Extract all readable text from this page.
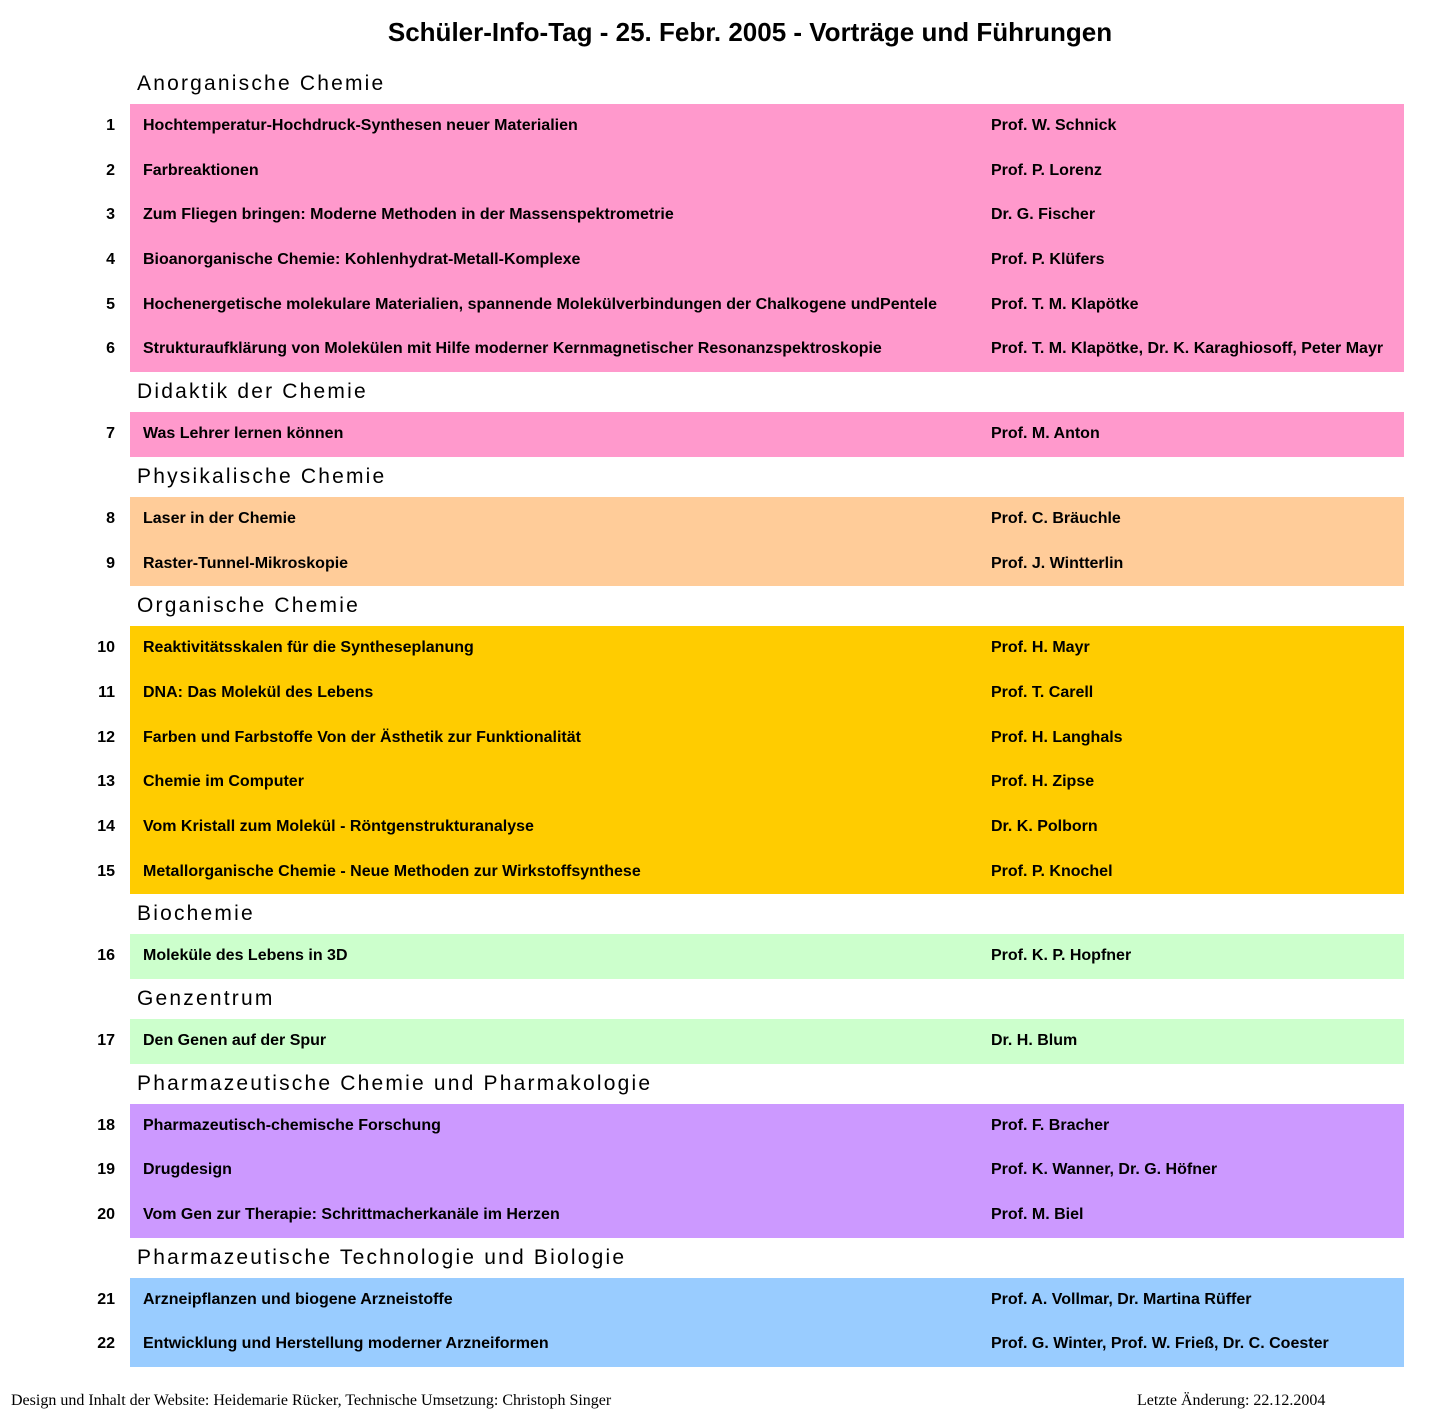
Schüler-Info-Tag - 25. Febr. 2005 - Vorträge und Führungen
Anorganische Chemie
1 Hochtemperatur-Hochdruck-Synthesen neuer Materialien	Prof. W. Schnick
2 Farbreaktionen	Prof. P. Lorenz
3 Zum Fliegen bringen: Moderne Methoden in der Massenspektrometrie	Dr. G. Fischer
4 Bioanorganische Chemie: Kohlenhydrat-Metall-Komplexe	Prof. P. Klüfers
5 Hochenergetische molekulare Materialien, spannende Molekülverbindungen der Chalkogene undPentele	Prof. T. M. Klapötke
6 Strukturaufklärung von Molekülen mit Hilfe moderner Kernmagnetischer Resonanzspektroskopie	Prof. T. M. Klapötke, Dr. K. Karaghiosoff, Peter Mayr
Didaktik der Chemie
7 Was Lehrer lernen können	Prof. M. Anton
Physikalische Chemie
8 Laser in der Chemie	Prof. C. Bräuchle
9 Raster-Tunnel-Mikroskopie	Prof. J. Wintterlin
Organische Chemie
10 Reaktivitätsskalen für die Syntheseplanung	Prof. H. Mayr
11 DNA: Das Molekül des Lebens	Prof. T. Carell
12 Farben und Farbstoffe Von der Ästhetik zur Funktionalität	Prof. H. Langhals
13 Chemie im Computer	Prof. H. Zipse
14 Vom Kristall zum Molekül - Röntgenstrukturanalyse	Dr. K. Polborn
15 Metallorganische Chemie - Neue Methoden zur Wirkstoffsynthese	Prof. P. Knochel
Biochemie
16 Moleküle des Lebens in 3D	Prof. K. P. Hopfner
Genzentrum
17 Den Genen auf der Spur	Dr. H. Blum
Pharmazeutische Chemie und Pharmakologie
18 Pharmazeutisch-chemische Forschung	Prof. F. Bracher
19 Drugdesign	Prof. K. Wanner, Dr. G. Höfner
20 Vom Gen zur Therapie: Schrittmacherkanäle im Herzen	Prof. M. Biel
Pharmazeutische Technologie und Biologie
21 Arzneipflanzen und biogene Arzneistoffe	Prof. A. Vollmar, Dr. Martina Rüffer
22 Entwicklung und Herstellung moderner Arzneiformen	Prof. G. Winter, Prof. W. Frieß, Dr. C. Coester
Design und Inhalt der Website: Heidemarie Rücker, Technische Umsetzung: Christoph Singer	Letzte Änderung: 22.12.2004
